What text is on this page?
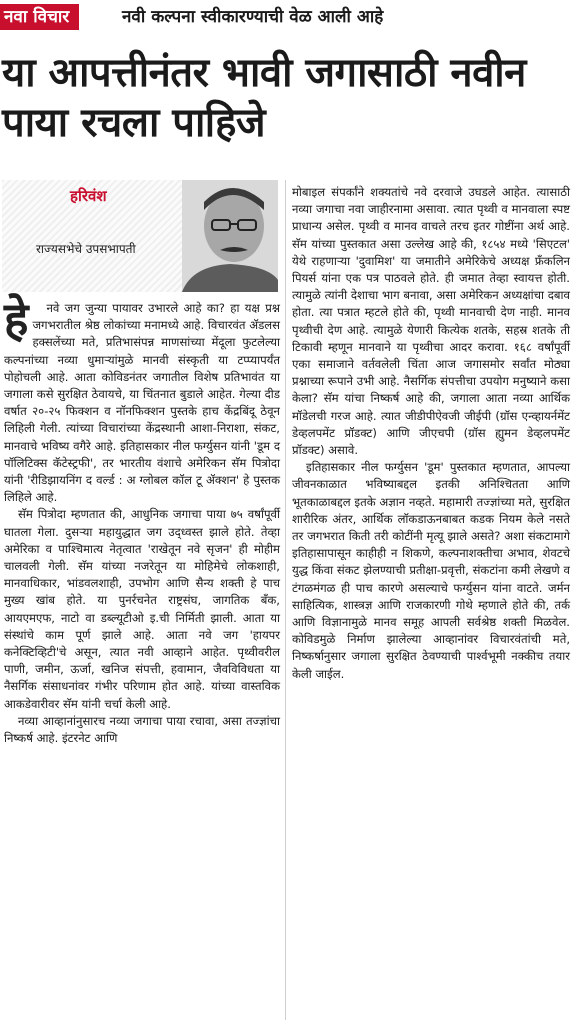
नवा विचार	नवी कल्पना स्वीकारण्याची वेळ आली आहे
या आपत्तीनंतर भावी जगासाठी नवीन पाया रचला पाहिजे
हरिवंश
राज्यसभेचे उपसभापती

हे नवे जग जुन्या पायावर उभारले आहे का? हा यक्ष प्रश्न जगभरातील श्रेष्ठ लोकांच्या मनामध्ये आहे. विचारवंत ॲडलस हक्सलेंच्या मते, प्रतिभासंपन्न माणसांच्या मेंदूला फुटलेल्या कल्पनांच्या नव्या धुमार्‍यांमुळे मानवी संस्कृती या टप्प्यापर्यंत पोहोचली आहे. आता कोविडनंतर जगातील विशेष प्रतिभावंत या जगाला कसे सुरक्षित ठेवायचे, या चिंतनात बुडाले आहेत. गेल्या दीड वर्षात २०-२५ फिक्शन व नॉनफिक्शन पुस्तके हाच केंद्रबिंदू ठेवून लिहिली गेली. त्यांच्या विचारांच्या केंद्रस्थानी आशा-निराशा, संकट, मानवाचे भविष्य वगैरे आहे. इतिहासकार नील फर्ग्युसन यांनी 'डूम द पॉलिटिक्स कॅटेस्ट्रफी', तर भारतीय वंशाचे अमेरिकन सॅम पित्रोदा यांनी 'रीडिझायनिंग द वर्ल्ड : अ ग्लोबल कॉल टू ॲक्शन' हे पुस्तक लिहिले आहे.

सॅम पित्रोदा म्हणतात की, आधुनिक जगाचा पाया ७५ वर्षांपूर्वी घातला गेला. दुसऱ्या महायुद्धात जग उद्ध्वस्त झाले होते. तेव्हा अमेरिका व पाश्चिमात्य नेतृत्वात 'राखेतून नवे सृजन' ही मोहीम चालवली गेली. सॅम यांच्या नजरेतून या मोहिमेचे लोकशाही, मानवाधिकार, भांडवलशाही, उपभोग आणि सैन्य शक्ती हे पाच मुख्य खांब होते. या पुनर्रचनेत राष्ट्रसंघ, जागतिक बँक, आयएमएफ, नाटो वा डब्ल्यूटीओ इ.ची निर्मिती झाली. आता या संस्थांचे काम पूर्ण झाले आहे. आता नवे जग 'हायपर कनेक्टिव्हिटी'चे असून, त्यात नवी आव्हाने आहेत. पृथ्वीवरील पाणी, जमीन, ऊर्जा, खनिज संपत्ती, हवामान, जैवविविधता या नैसर्गिक संसाधनांवर गंभीर परिणाम होत आहे. यांच्या वास्तविक आकडेवारीवर सॅम यांनी चर्चा केली आहे.

नव्या आव्हानांनुसारच नव्या जगाचा पाया रचावा, असा तज्ज्ञांचा निष्कर्ष आहे. इंटरनेट आणि

मोबाइल संपर्कांने शक्यतांचे नवे दरवाजे उघडले आहेत. त्यासाठी नव्या जगाचा नवा जाहीरनामा असावा. त्यात पृथ्वी व मानवाला स्पष्ट प्राधान्य असेल. पृथ्वी व मानव वाचले तरच इतर गोष्टींना अर्थ आहे. सॅम यांच्या पुस्तकात असा उल्लेख आहे की, १८५४ मध्ये 'सिएटल' येथे राहणाऱ्या 'दुवामिश' या जमातीने अमेरिकेचे अध्यक्ष फ्रँकलिन पियर्स यांना एक पत्र पाठवले होते. ही जमात तेव्हा स्वायत्त होती. त्यामुळे त्यांनी देशाचा भाग बनावा, असा अमेरिकन अध्यक्षांचा दबाव होता. त्या पत्रात म्हटले होते की, पृथ्वी मानवाची देण नाही. मानव पृथ्वीची देण आहे. त्यामुळे येणारी कित्येक शतके, सहस्र शतके ती टिकावी म्हणून मानवाने या पृथ्वीचा आदर करावा. १६८ वर्षांपूर्वी एका समाजाने वर्तवलेली चिंता आज जगासमोर सर्वांत मोठ्या प्रश्नाच्या रूपाने उभी आहे. नैसर्गिक संपत्तीचा उपयोग मनुष्याने कसा केला? सॅम यांचा निष्कर्ष आहे की, जगाला आता नव्या आर्थिक मॉडेलची गरज आहे. त्यात जीडीपीऐवजी जीईपी (ग्रॉस एन्व्हायर्नमेंट डेव्हलपमेंट प्रॉडक्ट) आणि जीएचपी (ग्रॉस ह्युमन डेव्हलपमेंट प्रॉडक्ट) असावे.

इतिहासकार नील फर्ग्युसन 'डूम' पुस्तकात म्हणतात, आपल्या जीवनकाळात भविष्याबद्दल इतकी अनिश्चितता आणि भूतकाळाबद्दल इतके अज्ञान नव्हते. महामारी तज्ज्ञांच्या मते, सुरक्षित शारीरिक अंतर, आर्थिक लॉकडाऊनबाबत कडक नियम केले नसते तर जगभरात किती तरी कोटींनी मृत्यू झाले असते? अशा संकटामागे इतिहासापासून काहीही न शिकणे, कल्पनाशक्तीचा अभाव, शेवटचे युद्ध किंवा संकट झेलण्याची प्रतीक्षा-प्रवृत्ती, संकटांना कमी लेखणे व टंगळमंगळ ही पाच कारणे असल्याचे फर्ग्युसन यांना वाटते. जर्मन साहित्यिक, शास्त्रज्ञ आणि राजकारणी गोथे म्हणाले होते की, तर्क आणि विज्ञानामुळे मानव समूह आपली सर्वश्रेष्ठ शक्ती मिळवेल. कोविडमुळे निर्माण झालेल्या आव्हानांवर विचारवंतांची मते, निष्कर्षानुसार जगाला सुरक्षित ठेवण्याची पार्श्वभूमी नक्कीच तयार केली जाईल.
